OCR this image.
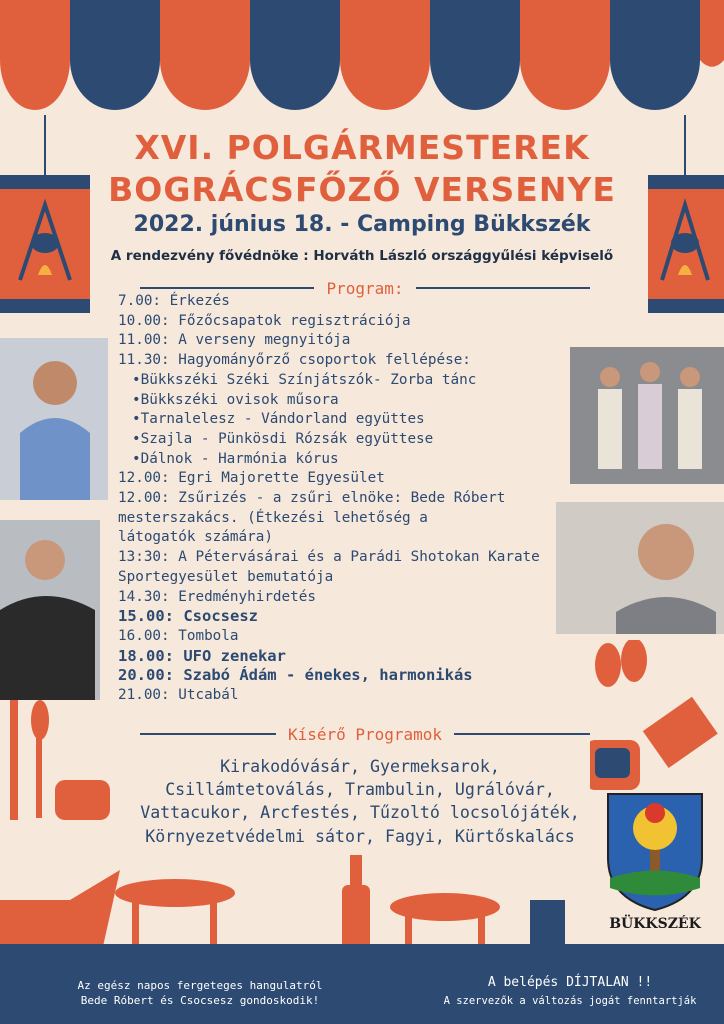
XVI. POLGÁRMESTEREK
BOGRÁCSFŐZŐ VERSENYE
2022. június 18. - Camping Bükkszék
A rendezvény fővédnöke : Horváth László országgyűlési képviselő
Program:
7.00: Érkezés
10.00: Főzőcsapatok regisztrációja
11.00: A verseny megnyitója
11.30: Hagyományőrző csoportok fellépése:
• Bükkszéki Széki Színjátszók- Zorba tánc
• Bükkszéki ovisok műsora
• Tarnalelesz - Vándorland együttes
• Szajla - Pünkösdi Rózsák együttese
• Dálnok - Harmónia kórus
12.00: Egri Majorette Egyesület
12.00: Zsűrizés - a zsűri elnöke: Bede Róbert
mesterszakács. (Étkezési lehetőség a
látogatók számára)
13:30: A Pétervásárai és a Parádi Shotokan Karate
Sportegyesület bemutatója
14.30: Eredményhirdetés
15.00: Csocsesz
16.00: Tombola
18.00: UFO zenekar
20.00: Szabó Ádám - énekes, harmonikás
21.00: Utcabál
Kísérő Programok
Kirakodóvásár, Gyermeksarok,
Csillámtetoválás, Trambulin, Ugrálóvár,
Vattacukor, Arcfestés, Tűzoltó locsolójáték,
Környezetvédelmi sátor, Fagyi, Kürtőskalács
BÜKKSZÉK
Az egész napos fergeteges hangulatról
Bede Róbert és Csocsesz gondoskodik!
A belépés DÍJTALAN !!
A szervezők a változás jogát fenntartják
